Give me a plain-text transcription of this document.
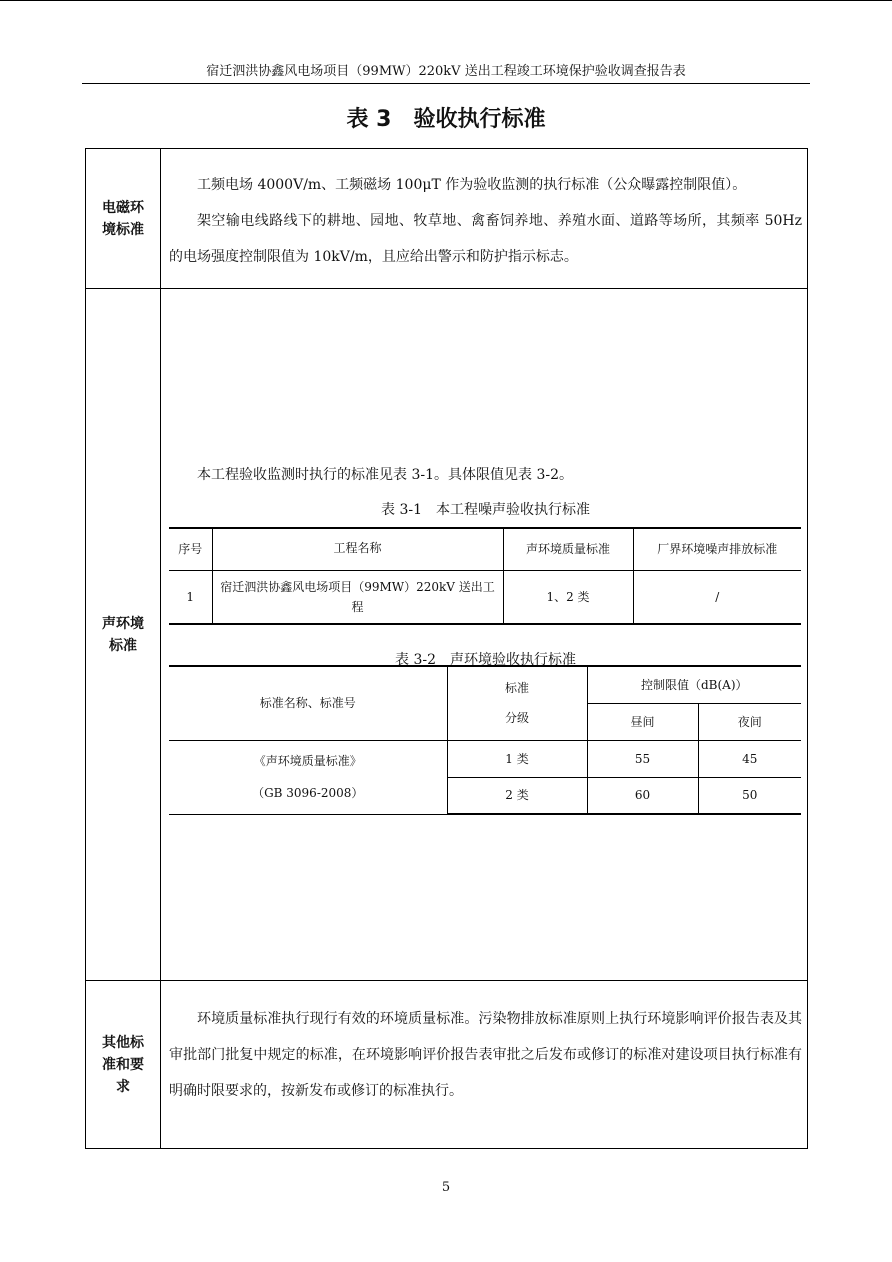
宿迁泗洪协鑫风电场项目（99MW）220kV 送出工程竣工环境保护验收调查报告表
表 3 验收执行标准
电磁环境标准

工频电场 4000V/m、工频磁场 100μT 作为验收监测的执行标准（公众曝露控制限值）。

架空输电线路线下的耕地、园地、牧草地、禽畜饲养地、养殖水面、道路等场所，其频率 50Hz 的电场强度控制限值为 10kV/m，且应给出警示和防护指示标志。

声环境标准

本工程验收监测时执行的标准见表 3-1。具体限值见表 3-2。

表 3-1 本工程噪声验收执行标准
序号	工程名称	声环境质量标准	厂界环境噪声排放标准
1	宿迁泗洪协鑫风电场项目（99MW）220kV 送出工程	1、2 类	/
表 3-2 声环境验收执行标准
标准名称、标准号	标准分级	控制限值（dB(A)）	
		昼间	夜间

《声环境质量标准》
（GB 3096-2008）	1 类	55	45
	2 类	60	50
其他标准和要求

环境质量标准执行现行有效的环境质量标准。污染物排放标准原则上执行环境影响评价报告表及其审批部门批复中规定的标准，在环境影响评价报告表审批之后发布或修订的标准对建设项目执行标准有明确时限要求的，按新发布或修订的标准执行。

5
